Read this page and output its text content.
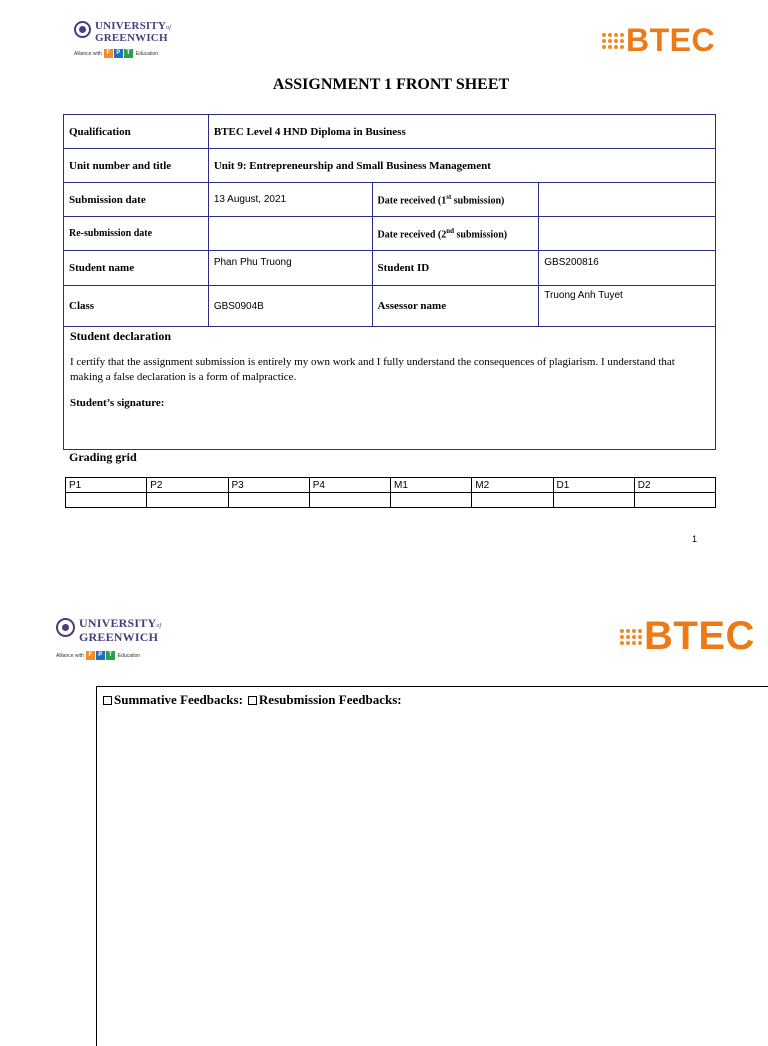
UNIVERSITYof
GREENWICH
Alliance with F	P	T	Education	BTEC
ASSIGNMENT 1 FRONT SHEET
Qualification	BTEC Level 4 HND Diploma in Business		
Unit number and title	Unit 9: Entrepreneurship and Small Business Management		
Submission date	13 August, 2021	Date received (1st submission)	
Re-submission date		Date received (2nd submission)	
Student name	Phan Phu Truong	Student ID	GBS200816
Class	GBS0904B	Assessor name	Truong Anh Tuyet
Student declaration
I certify that the assignment submission is entirely my own work and I fully understand the consequences of plagiarism. I understand that making a false declaration is a form of malpractice.
Student’s signature:
Grading grid
P1	P2	P3	P4	M1	M2	D1	D2

1
UNIVERSITYof
GREENWICH
Alliance with F	P	T	Education	BTEC
Summative Feedbacks: Resubmission Feedbacks:
